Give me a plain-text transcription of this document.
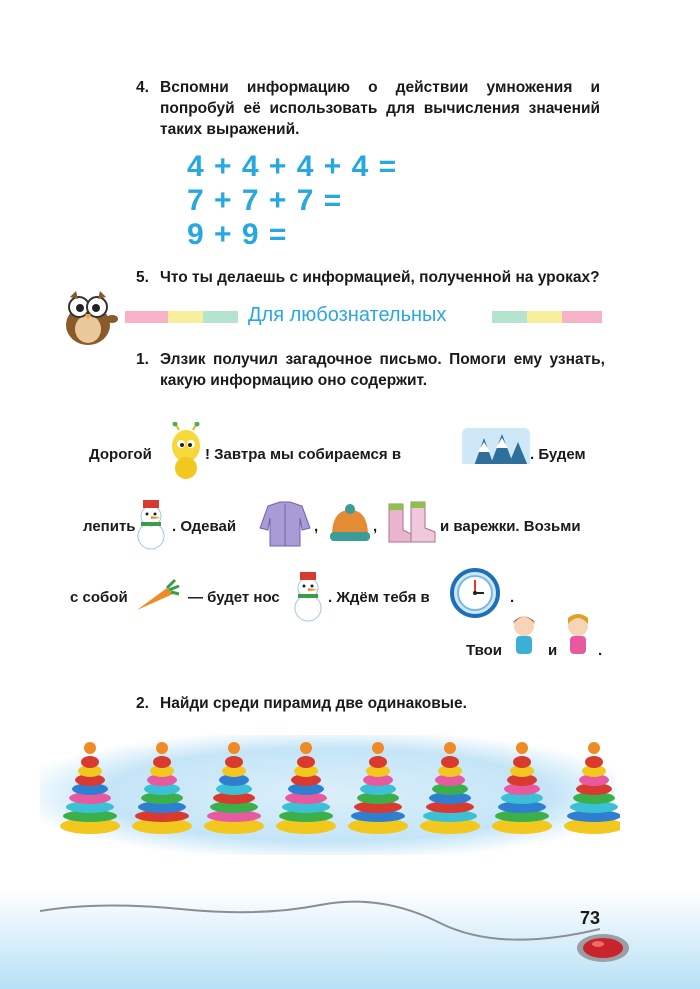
4. Вспомни информацию о действии умножения и попробуй её использовать для вычисления значений таких выражений.
4 + 4 + 4 + 4 =
7 + 7 + 7 =
9 + 9 =
5. Что ты делаешь с информацией, полученной на уроках?
Для любознательных
1. Элзик получил загадочное письмо. Помоги ему узнать, какую информацию оно содержит.
Дорогой	! Завтра мы собираемся в	. Будем
лепить . Одевай	,	,	и варежки. Возьми
с собой	— будет нос	. Ждём тебя в	.
Твои	и	.
2. Найди среди пирамид две одинаковые.
73
